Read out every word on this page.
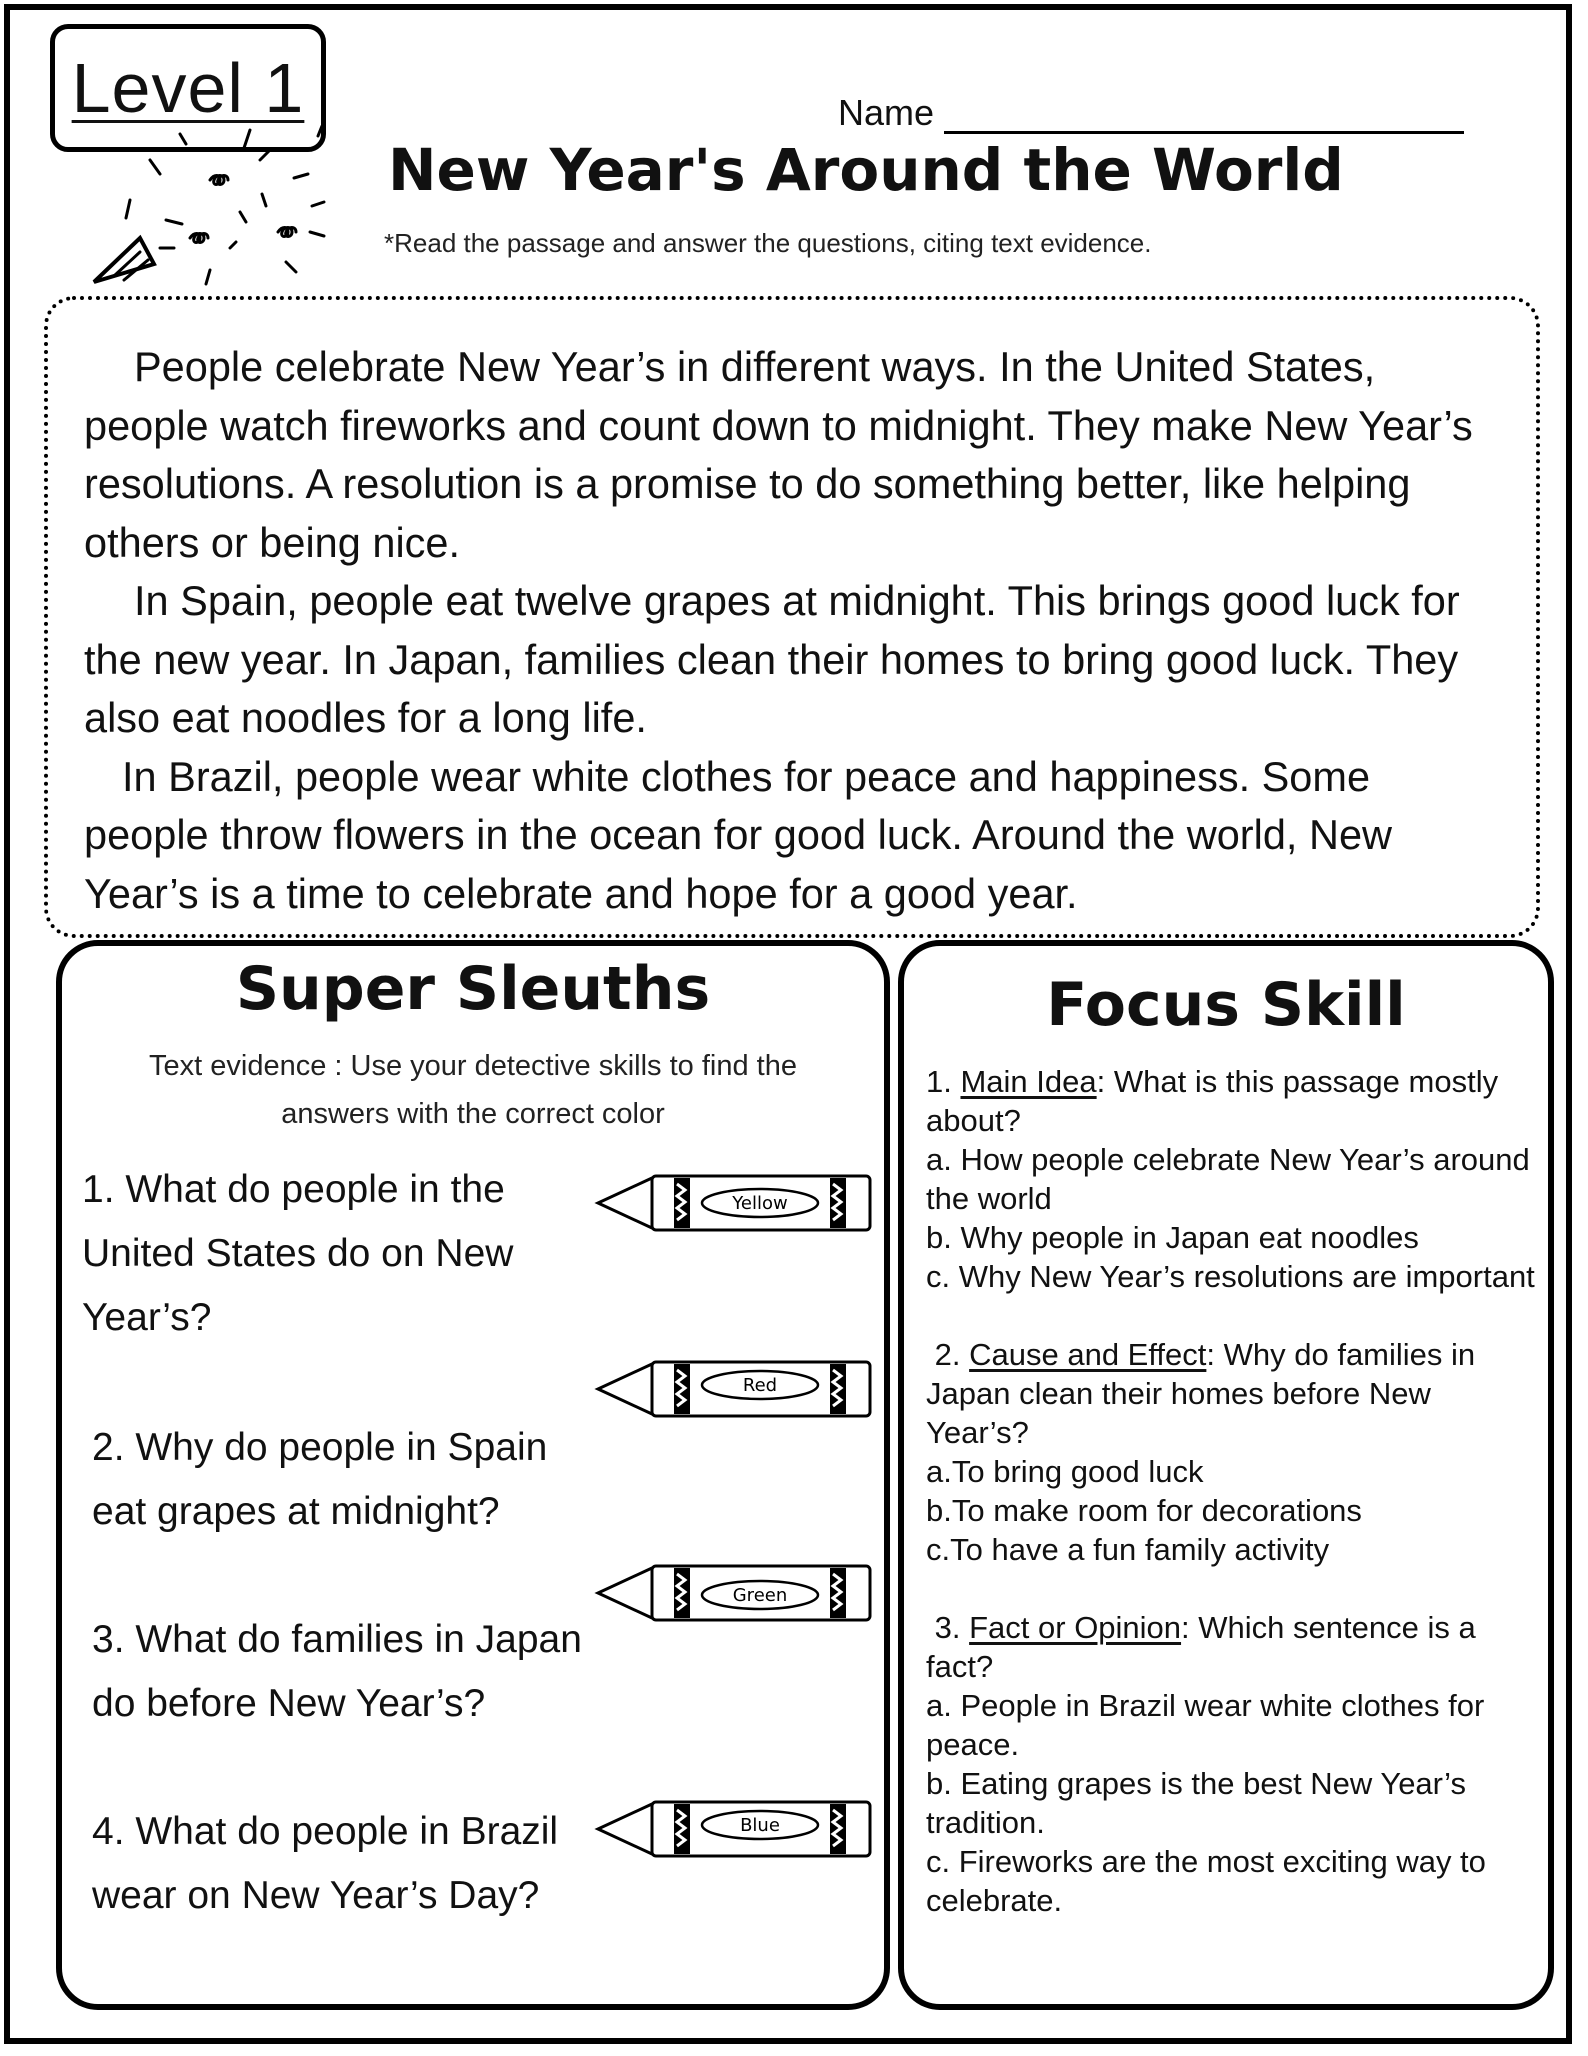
Level 1	Name
New Year's Around the World
*Read the passage and answer the questions, citing text evidence.

People celebrate New Year’s in different ways. In the United States, people watch fireworks and count down to midnight. They make New Year’s resolutions. A resolution is a promise to do something better, like helping others or being nice.

In Spain, people eat twelve grapes at midnight. This brings good luck for the new year. In Japan, families clean their homes to bring good luck. They also eat noodles for a long life.

In Brazil, people wear white clothes for peace and happiness. Some people throw flowers in the ocean for good luck. Around the world, New Year’s is a time to celebrate and hope for a good year.

Super Sleuths
Text evidence : Use your detective skills to find the answers with the correct color
1. What do people in the United States do on New Year’s?
2. Why do people in Spain eat grapes at midnight?
3. What do families in Japan do before New Year’s?
4. What do people in Brazil wear on New Year’s Day?
Yellow
Red
Green
Blue
Focus Skill
1. Main Idea: What is this passage mostly about?
a. How people celebrate New Year’s around the world
b. Why people in Japan eat noodles
c. Why New Year’s resolutions are important
2. Cause and Effect: Why do families in Japan clean their homes before New Year’s?
a.To bring good luck
b.To make room for decorations
c.To have a fun family activity
3. Fact or Opinion: Which sentence is a fact?
a. People in Brazil wear white clothes for peace.
b. Eating grapes is the best New Year’s tradition.
c. Fireworks are the most exciting way to celebrate.
